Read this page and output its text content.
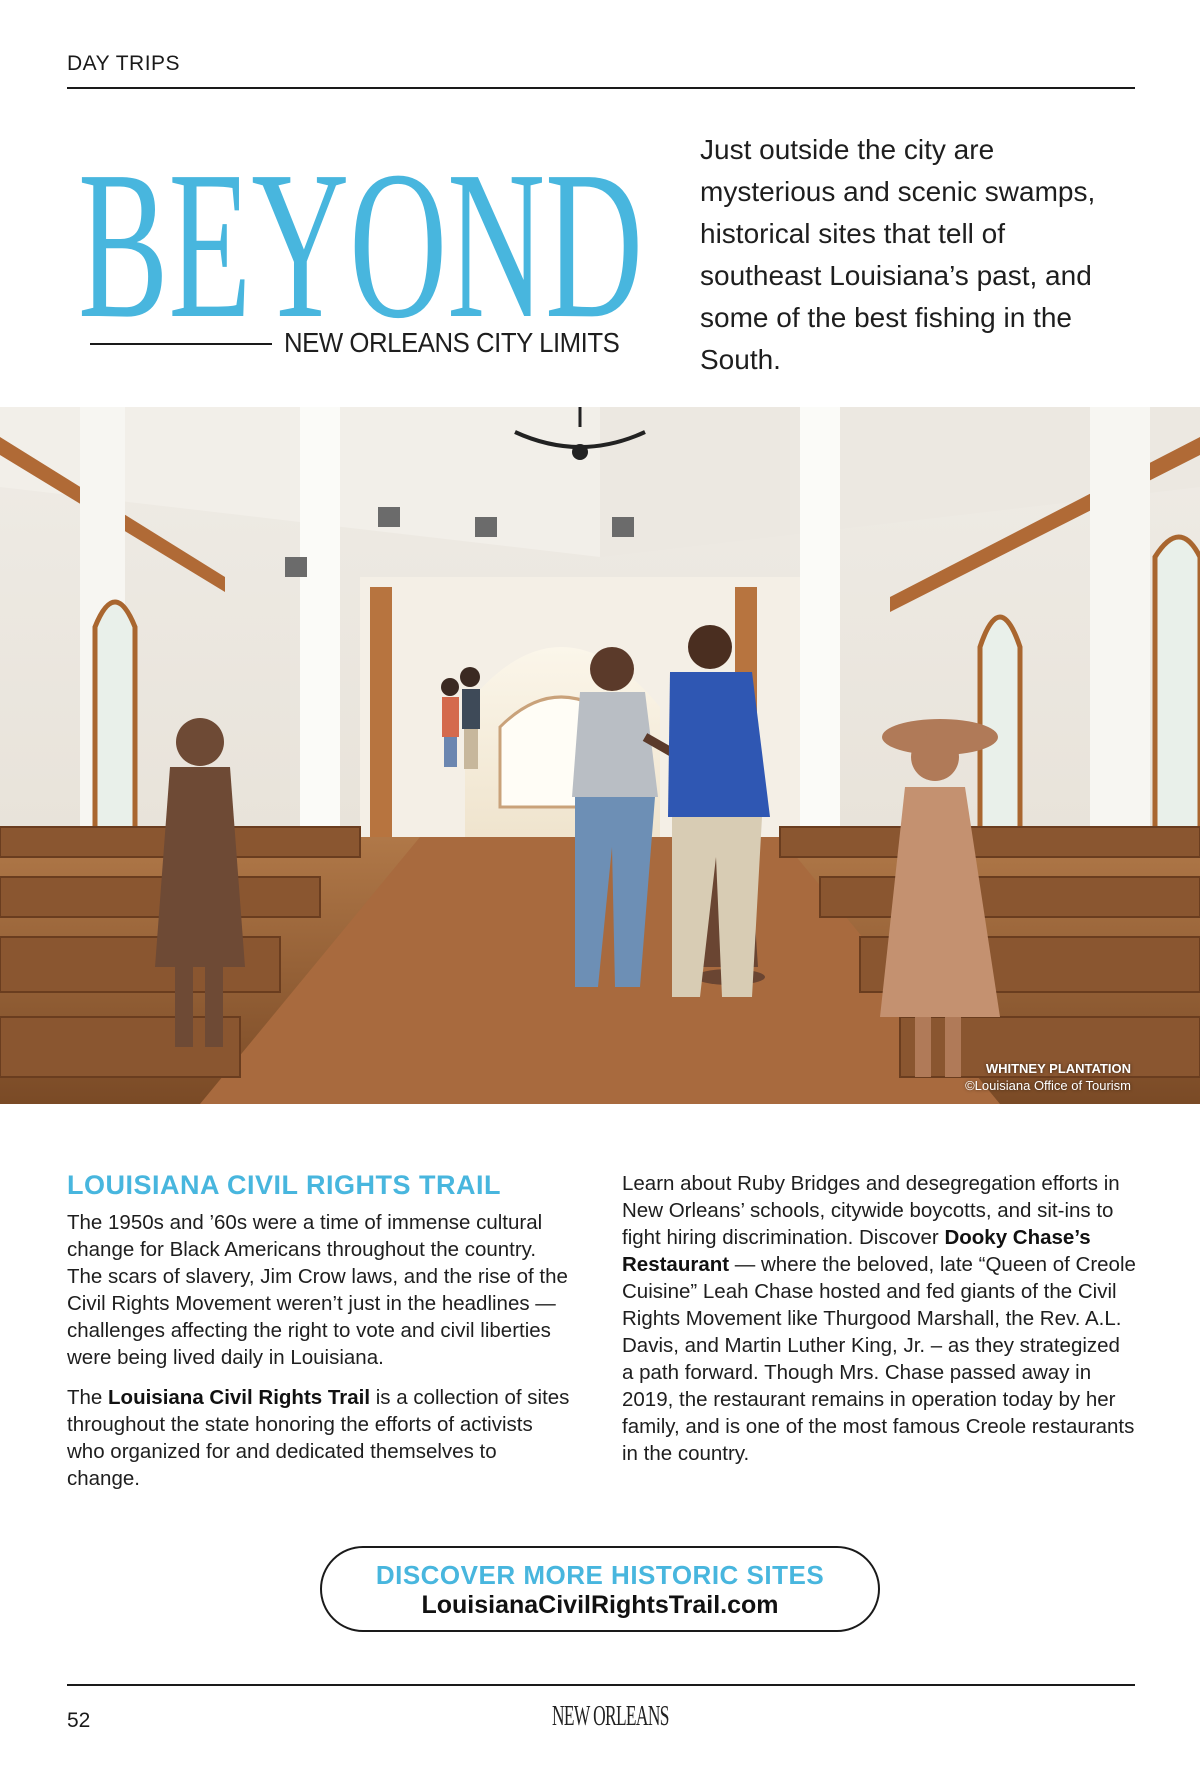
DAY TRIPS
BEYOND
NEW ORLEANS CITY LIMITS
Just outside the city are mysterious and scenic swamps, historical sites that tell of southeast Louisiana’s past, and some of the best fishing in the South.
WHITNEY PLANTATION
©Louisiana Office of Tourism
LOUISIANA CIVIL RIGHTS TRAIL

The 1950s and ’60s were a time of immense cultural change for Black Americans throughout the country. The scars of slavery, Jim Crow laws, and the rise of the Civil Rights Movement weren’t just in the headlines — challenges affecting the right to vote and civil liberties were being lived daily in Louisiana.

The Louisiana Civil Rights Trail is a collection of sites throughout the state honoring the efforts of activists who organized for and dedicated themselves to change.

Learn about Ruby Bridges and desegregation efforts in New Orleans’ schools, citywide boycotts, and sit-ins to fight hiring discrimination. Discover Dooky Chase’s Restaurant — where the beloved, late “Queen of Creole Cuisine” Leah Chase hosted and fed giants of the Civil Rights Movement like Thurgood Marshall, the Rev. A.L. Davis, and Martin Luther King, Jr. – as they strategized a path forward. Though Mrs. Chase passed away in 2019, the restaurant remains in operation today by her family, and is one of the most famous Creole restaurants in the country.

DISCOVER MORE HISTORIC SITES
LouisianaCivilRightsTrail.com
52	NEW ORLEANS
